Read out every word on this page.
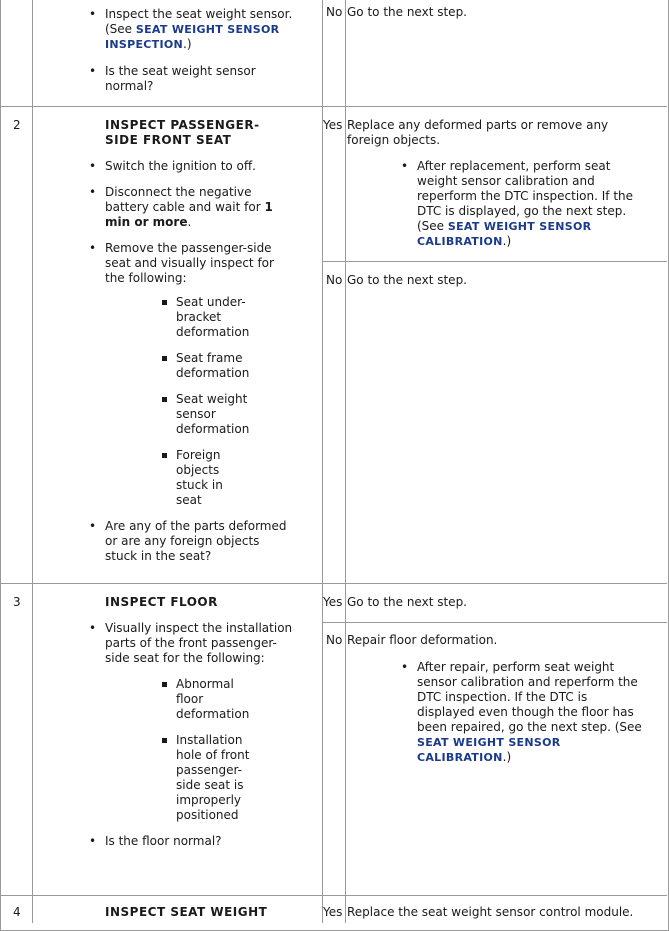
• Inspect the seat weight sensor. (See SEAT WEIGHT SENSOR INSPECTION.)
• Is the seat weight sensor normal?
No Go to the next step.
2	INSPECT PASSENGER-SIDE FRONT SEAT
• Switch the ignition to off.
• Disconnect the negative battery cable and wait for 1 min or more.
• Remove the passenger-side seat and visually inspect for the following:
Seat under-bracket deformation
Seat frame deformation
Seat weight sensor deformation
Foreign objects stuck in seat
• Are any of the parts deformed or are any foreign objects stuck in the seat?
Yes Replace any deformed parts or remove any foreign objects.
• After replacement, perform seat weight sensor calibration and reperform the DTC inspection. If the DTC is displayed, go the next step. (See SEAT WEIGHT SENSOR CALIBRATION.)
No Go to the next step.
3	INSPECT FLOOR
• Visually inspect the installation parts of the front passenger-side seat for the following:
Abnormal floor deformation
Installation hole of front passenger-side seat is improperly positioned
• Is the floor normal?
Yes Go to the next step.
No Repair floor deformation.
• After repair, perform seat weight sensor calibration and reperform the DTC inspection. If the DTC is displayed even though the floor has been repaired, go the next step. (See SEAT WEIGHT SENSOR CALIBRATION.)
4	INSPECT SEAT WEIGHT	Yes Replace the seat weight sensor control module.
